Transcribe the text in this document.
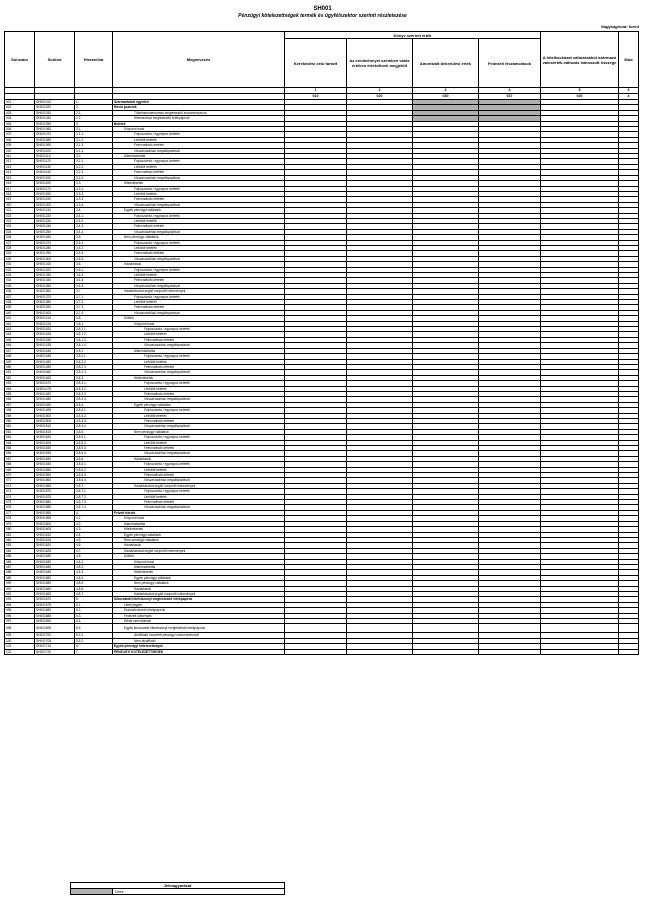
SH001
Pénzügyi kötelezettségek termék és ügyfélszektor szerinti részletezése
Nagyságrend: forint
Sorszám	Sorkód	Hierarchia	Megnevezés	Könyv szerinti érték				A hitelkockázat változásából származó valósérték-változás halmozott összege	Mód
				Kerekedési célú tartott	Az eredménnyel szemben valós értéken értékeltnek megjelölt	Amortizált bekerülési érték	Fedezeti elszámolások		
				1	2	3	4	5	6
				010	020	030	037	040	x
001	SH001010	1.	Származtatott ügyletek						
002	SH001020	2.	Rövid pozíciók						
003	SH001030	2.1.	Tőkeinstrumentumok megtestesítő instrumentumok						
004	SH001040	2.2.	Hitelviszonyt megtestesítő értékpapírok						
005	SH001050	3.	Betétek						
006	SH001060	3.1.	Központi bank						
007	SH001070	3.1.1.	Folyószámla / egynapos betétek						
008	SH001080	3.1.2.	Lekötött betétek						
009	SH001090	3.1.3.	Felmondható betétek						
010	SH001100	3.1.4.	Visszavásárlási megállapodások						
011	SH001110	3.2.	Államháztartás						
012	SH001120	3.2.1.	Folyószámla / egynapos betétek						
013	SH001130	3.2.2.	Lekötött betétek						
014	SH001140	3.2.3.	Felmondható betétek						
015	SH001150	3.2.4.	Visszavásárlási megállapodások						
016	SH001160	3.3.	Hitelintézetek						
017	SH001170	3.3.1.	Folyószámla / egynapos betétek						
018	SH001180	3.3.2.	Lekötött betétek						
019	SH001190	3.3.3.	Felmondható betétek						
020	SH001200	3.3.4.	Visszavásárlási megállapodások						
021	SH001210	3.4.	Egyéb pénzügyi vállalatok						
022	SH001220	3.4.1.	Folyószámla / egynapos betétek						
023	SH001230	3.4.2.	Lekötött betétek						
024	SH001240	3.4.3.	Felmondható betétek						
025	SH001250	3.4.4.	Visszavásárlási megállapodások						
026	SH001260	3.5.	Nem pénzügyi vállalatok						
027	SH001270	3.5.1.	Folyószámla / egynapos betétek						
028	SH001280	3.5.2.	Lekötött betétek						
029	SH001290	3.5.3.	Felmondható betétek						
030	SH001300	3.5.4.	Visszavásárlási megállapodások						
031	SH001310	3.6.	Háztartások						
032	SH001320	3.6.1.	Folyószámla / egynapos betétek						
033	SH001330	3.6.2.	Lekötött betétek						
034	SH001340	3.6.3.	Felmondható betétek						
035	SH001350	3.6.4.	Visszavásárlási megállapodások						
036	SH001360	3.7.	Háztartásokat segítő nonprofit intézmények						
037	SH001370	3.7.1.	Folyószámla / egynapos betétek						
038	SH001380	3.7.2.	Lekötött betétek						
039	SH001390	3.7.3.	Felmondható betétek						
040	SH001400	3.7.4.	Visszavásárlási megállapodások						
041	SH001410	3.8.	Külföld						
042	SH001415	3.8.1.	Központi bank						
043	SH001420	3.8.1.1.	Folyószámla / egynapos betétek						
044	SH001425	3.8.1.2.	Lekötött betétek						
045	SH001430	3.8.1.3.	Felmondható betétek						
046	SH001435	3.8.1.4.	Visszavásárlási megállapodások						
047	SH001440	3.8.2.	Államháztartás						
048	SH001445	3.8.2.1.	Folyószámla / egynapos betétek						
049	SH001450	3.8.2.2.	Lekötött betétek						
050	SH001455	3.8.2.3.	Felmondható betétek						
051	SH001460	3.8.2.4.	Visszavásárlási megállapodások						
052	SH001465	3.8.3.	Hitelintézetek						
053	SH001470	3.8.3.1.	Folyószámla / egynapos betétek						
054	SH001475	3.8.3.2.	Lekötött betétek						
055	SH001480	3.8.3.3.	Felmondható betétek						
056	SH001485	3.8.3.4.	Visszavásárlási megállapodások						
057	SH001490	3.8.4.	Egyéb pénzügyi vállalatok						
058	SH001495	3.8.4.1.	Folyószámla / egynapos betétek						
059	SH001500	3.8.4.2.	Lekötött betétek						
060	SH001505	3.8.4.3.	Felmondható betétek						
061	SH001510	3.8.4.4.	Visszavásárlási megállapodások						
062	SH001515	3.8.5.	Nem pénzügyi vállalatok						
063	SH001520	3.8.5.1.	Folyószámla / egynapos betétek						
064	SH001525	3.8.5.2.	Lekötött betétek						
065	SH001530	3.8.5.3.	Felmondható betétek						
066	SH001535	3.8.5.4.	Visszavásárlási megállapodások						
067	SH001540	3.8.6.	Háztartások						
068	SH001545	3.8.6.1.	Folyószámla / egynapos betétek						
069	SH001550	3.8.6.2.	Lekötött betétek						
070	SH001555	3.8.6.3.	Felmondható betétek						
071	SH001560	3.8.6.4.	Visszavásárlási megállapodások						
072	SH001565	3.8.7.	Háztartásokat segítő nonprofit intézmények						
073	SH001570	3.8.7.1.	Folyószámla / egynapos betétek						
074	SH001575	3.8.7.2.	Lekötött betétek						
075	SH001580	3.8.7.3.	Felmondható betétek						
076	SH001585	3.8.7.4.	Visszavásárlási megállapodások						
077	SH001590	4.	Felvett hitelek						
078	SH001595	4.1.	Központi bank						
079	SH001600	4.2.	Államháztartás						
080	SH001605	4.3.	Hitelintézetek						
081	SH001610	4.4.	Egyéb pénzügyi vállalatok						
082	SH001615	4.5.	Nem pénzügyi vállalatok						
083	SH001620	4.6.	Háztartások						
084	SH001625	4.7.	Háztartásokat segítő nonprofit intézmények						
085	SH001630	4.8.	Külföld						
086	SH001635	4.8.1.	Központi bank						
087	SH001640	4.8.2.	Államháztartás						
088	SH001645	4.8.3.	Hitelintézetek						
089	SH001650	4.8.4.	Egyéb pénzügyi vállalatok						
090	SH001655	4.8.5.	Nem pénzügyi vállalatok						
091	SH001660	4.8.6.	Háztartások						
092	SH001665	4.8.7.	Háztartásokat segítő nonprofit intézmények						
093	SH001670	5.	Kibocsátott hitelviszonyt megtestesítő értékpapírok						
094	SH001675	5.1.	Letéti jegyek						
095	SH001680	5.2.	Eszközfedezetű értékpapírok						
096	SH001685	5.3.	Fedezett kötvények						
097	SH001690	5.4.	Hibrid szerződések						
098	SH001695	5.5.	Egyéb kibocsátott hitelviszonyt megtestesítő értékpapírok						
099	SH001700	5.5.1.	Átváltható összetett pénzügyi instrumentumok						
100	SH001705	5.5.2.	Nem átváltható						
101	SH001710	6.	Egyéb pénzügyi kötelezettségek						
102	SH001720	7.	PÉNZÜGYI KÖTELEZETTSÉGEK						
Jelmagyarázat
	Üres
